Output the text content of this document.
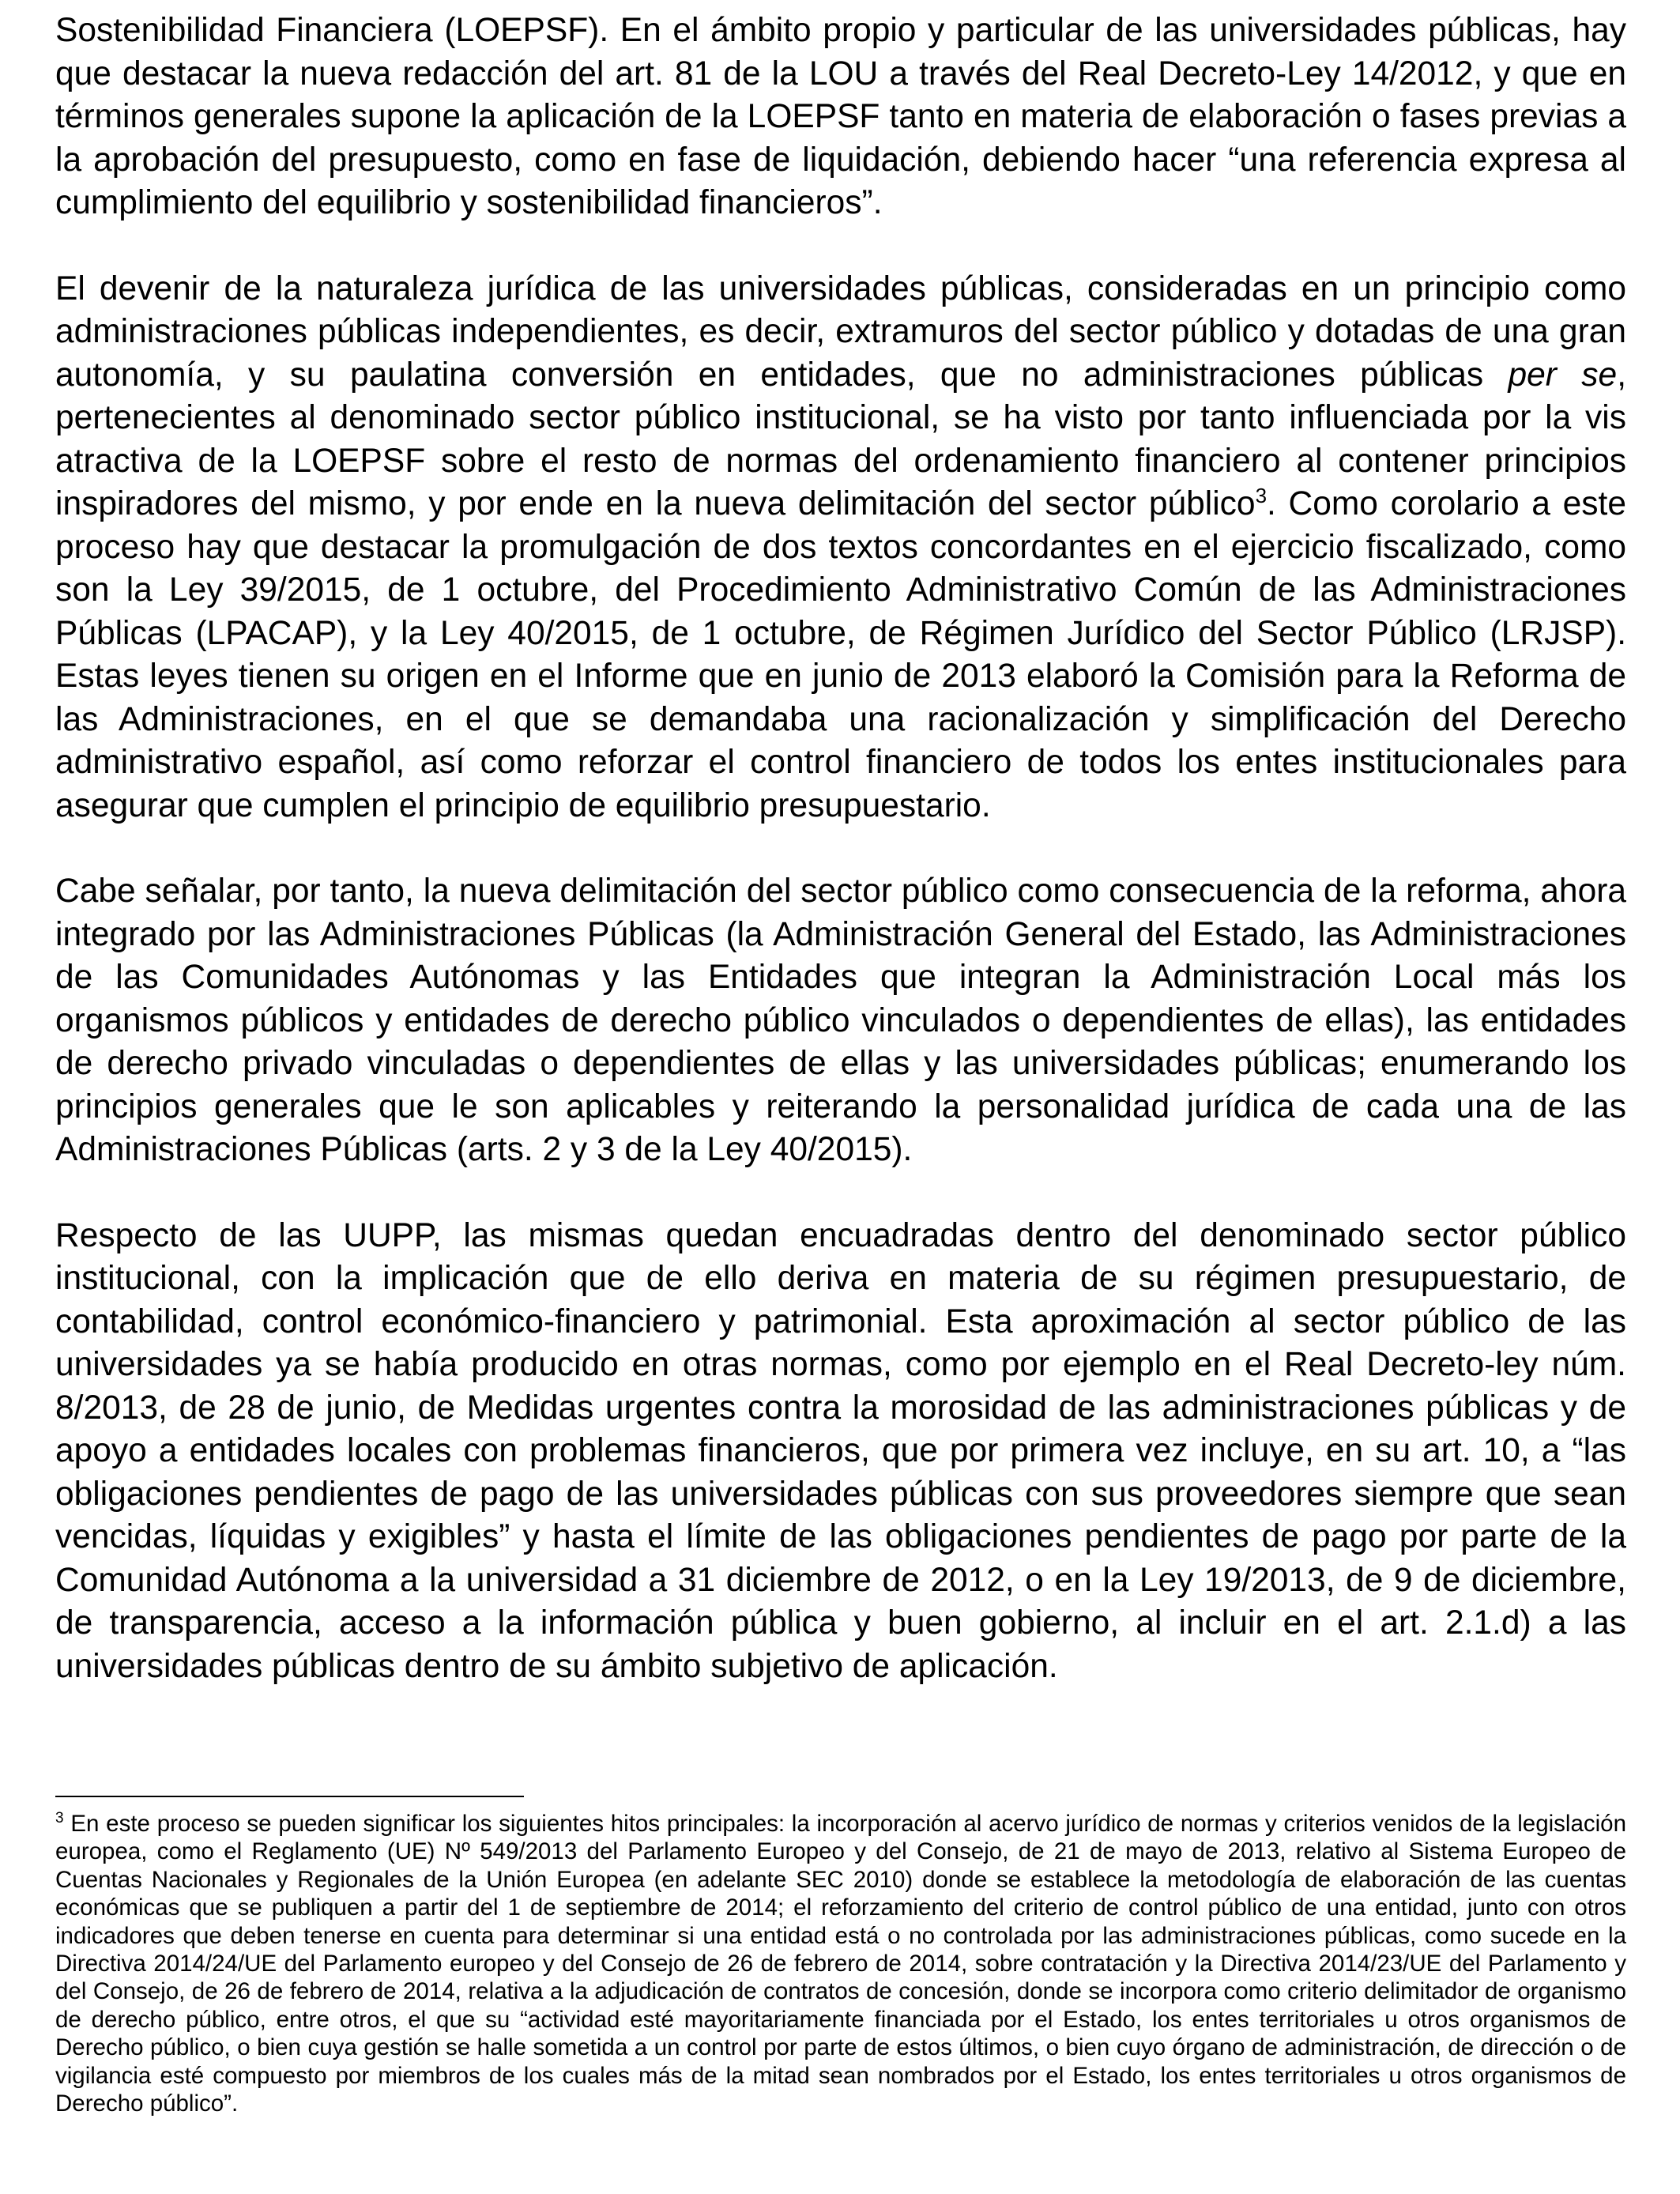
Sostenibilidad Financiera (LOEPSF). En el ámbito propio y particular de las universidades públicas, hay que destacar la nueva redacción del art. 81 de la LOU a través del Real Decreto-Ley 14/2012, y que en términos generales supone la aplicación de la LOEPSF tanto en materia de elaboración o fases previas a la aprobación del presupuesto, como en fase de liquidación, debiendo hacer “una referencia expresa al cumplimiento del equilibrio y sostenibilidad financieros”.

El devenir de la naturaleza jurídica de las universidades públicas, consideradas en un principio como administraciones públicas independientes, es decir, extramuros del sector público y dotadas de una gran autonomía, y su paulatina conversión en entidades, que no administraciones públicas per se, pertenecientes al denominado sector público institucional, se ha visto por tanto influenciada por la vis atractiva de la LOEPSF sobre el resto de normas del ordenamiento financiero al contener principios inspiradores del mismo, y por ende en la nueva delimitación del sector público$^3$. Como corolario a este proceso hay que destacar la promulgación de dos textos concordantes en el ejercicio fiscalizado, como son la Ley 39/2015, de 1 octubre, del Procedimiento Administrativo Común de las Administraciones Públicas (LPACAP), y la Ley 40/2015, de 1 octubre, de Régimen Jurídico del Sector Público (LRJSP). Estas leyes tienen su origen en el Informe que en junio de 2013 elaboró la Comisión para la Reforma de las Administraciones, en el que se demandaba una racionalización y simplificación del Derecho administrativo español, así como reforzar el control financiero de todos los entes institucionales para asegurar que cumplen el principio de equilibrio presupuestario.

Cabe señalar, por tanto, la nueva delimitación del sector público como consecuencia de la reforma, ahora integrado por las Administraciones Públicas (la Administración General del Estado, las Administraciones de las Comunidades Autónomas y las Entidades que integran la Administración Local más los organismos públicos y entidades de derecho público vinculados o dependientes de ellas), las entidades de derecho privado vinculadas o dependientes de ellas y las universidades públicas; enumerando los principios generales que le son aplicables y reiterando la personalidad jurídica de cada una de las Administraciones Públicas (arts. 2 y 3 de la Ley 40/2015).

Respecto de las UUPP, las mismas quedan encuadradas dentro del denominado sector público institucional, con la implicación que de ello deriva en materia de su régimen presupuestario, de contabilidad, control económico-financiero y patrimonial. Esta aproximación al sector público de las universidades ya se había producido en otras normas, como por ejemplo en el Real Decreto-ley núm. 8/2013, de 28 de junio, de Medidas urgentes contra la morosidad de las administraciones públicas y de apoyo a entidades locales con problemas financieros, que por primera vez incluye, en su art. 10, a “las obligaciones pendientes de pago de las universidades públicas con sus proveedores siempre que sean vencidas, líquidas y exigibles” y hasta el límite de las obligaciones pendientes de pago por parte de la Comunidad Autónoma a la universidad a 31 diciembre de 2012, o en la Ley 19/2013, de 9 de diciembre, de transparencia, acceso a la información pública y buen gobierno, al incluir en el art. 2.1.d) a las universidades públicas dentro de su ámbito subjetivo de aplicación.

$^3$ En este proceso se pueden significar los siguientes hitos principales: la incorporación al acervo jurídico de normas y criterios venidos de la legislación europea, como el Reglamento (UE) Nº 549/2013 del Parlamento Europeo y del Consejo, de 21 de mayo de 2013, relativo al Sistema Europeo de Cuentas Nacionales y Regionales de la Unión Europea (en adelante SEC 2010) donde se establece la metodología de elaboración de las cuentas económicas que se publiquen a partir del 1 de septiembre de 2014; el reforzamiento del criterio de control público de una entidad, junto con otros indicadores que deben tenerse en cuenta para determinar si una entidad está o no controlada por las administraciones públicas, como sucede en la Directiva 2014/24/UE del Parlamento europeo y del Consejo de 26 de febrero de 2014, sobre contratación y la Directiva 2014/23/UE del Parlamento y del Consejo, de 26 de febrero de 2014, relativa a la adjudicación de contratos de concesión, donde se incorpora como criterio delimitador de organismo de derecho público, entre otros, el que su “actividad esté mayoritariamente financiada por el Estado, los entes territoriales u otros organismos de Derecho público, o bien cuya gestión se halle sometida a un control por parte de estos últimos, o bien cuyo órgano de administración, de dirección o de vigilancia esté compuesto por miembros de los cuales más de la mitad sean nombrados por el Estado, los entes territoriales u otros organismos de Derecho público”.
